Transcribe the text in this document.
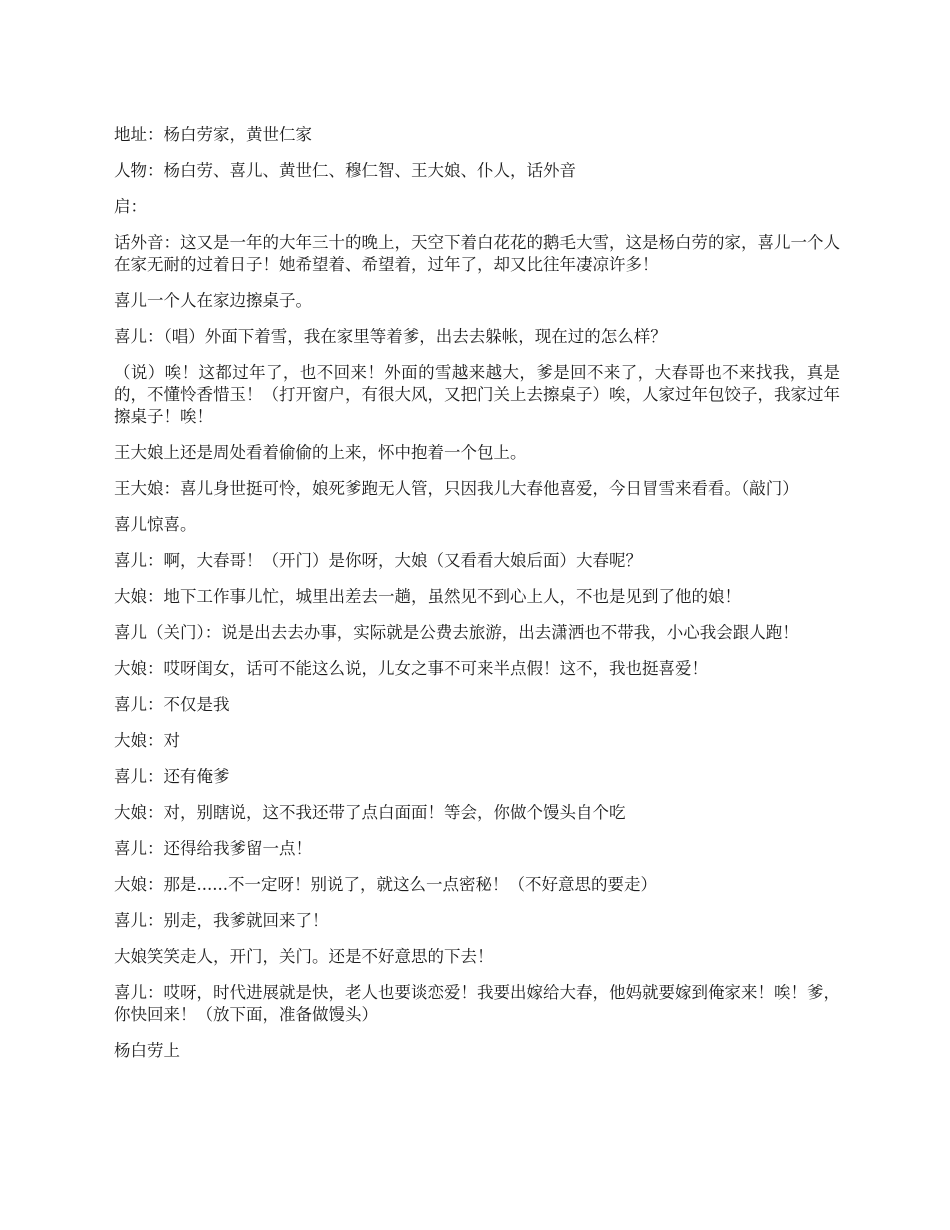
地址：杨白劳家，黄世仁家

人物：杨白劳、喜儿、黄世仁、穆仁智、王大娘、仆人，话外音

启：

话外音：这又是一年的大年三十的晚上，天空下着白花花的鹅毛大雪，这是杨白劳的家，喜儿一个人在家无耐的过着日子！她希望着、希望着，过年了，却又比往年凄凉许多！

喜儿一个人在家边擦桌子。

喜儿：（唱）外面下着雪，我在家里等着爹，出去去躲帐，现在过的怎么样？

（说）唉！这都过年了，也不回来！外面的雪越来越大，爹是回不来了，大春哥也不来找我，真是的，不懂怜香惜玉！（打开窗户，有很大风，又把门关上去擦桌子）唉，人家过年包饺子，我家过年擦桌子！唉！

王大娘上还是周处看着偷偷的上来，怀中抱着一个包上。

王大娘：喜儿身世挺可怜，娘死爹跑无人管，只因我儿大春他喜爱，今日冒雪来看看。（敲门）

喜儿惊喜。

喜儿：啊，大春哥！（开门）是你呀，大娘（又看看大娘后面）大春呢？

大娘：地下工作事儿忙，城里出差去一趟，虽然见不到心上人，不也是见到了他的娘！

喜儿（关门）：说是出去去办事，实际就是公费去旅游，出去潇洒也不带我，小心我会跟人跑！

大娘：哎呀闺女，话可不能这么说，儿女之事不可来半点假！这不，我也挺喜爱！

喜儿：不仅是我

大娘：对

喜儿：还有俺爹

大娘：对，别瞎说，这不我还带了点白面面！等会，你做个馒头自个吃

喜儿：还得给我爹留一点！

大娘：那是......不一定呀！别说了，就这么一点密秘！（不好意思的要走）

喜儿：别走，我爹就回来了！

大娘笑笑走人，开门，关门。还是不好意思的下去！

喜儿：哎呀，时代进展就是快，老人也要谈恋爱！我要出嫁给大春，他妈就要嫁到俺家来！唉！爹，你快回来！（放下面，准备做馒头）

杨白劳上
